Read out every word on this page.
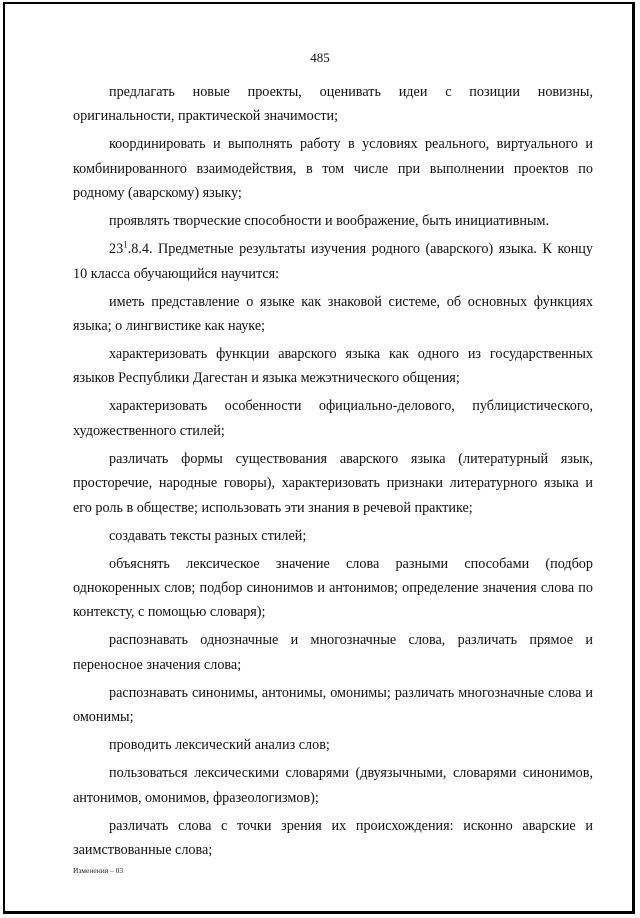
485

предлагать новые проекты, оценивать идеи с позиции новизны, оригинальности, практической значимости;

координировать и выполнять работу в условиях реального, виртуального и комбинированного взаимодействия, в том числе при выполнении проектов по родному (аварскому) языку;

проявлять творческие способности и воображение, быть инициативным.

$23^1.8.4$. Предметные результаты изучения родного (аварского) языка. К концу 10 класса обучающийся научится:

иметь представление о языке как знаковой системе, об основных функциях языка; о лингвистике как науке;

характеризовать функции аварского языка как одного из государственных языков Республики Дагестан и языка межэтнического общения;

характеризовать особенности официально-делового, публицистического, художественного стилей;

различать формы существования аварского языка (литературный язык, просторечие, народные говоры), характеризовать признаки литературного языка и его роль в обществе; использовать эти знания в речевой практике;

создавать тексты разных стилей;

объяснять лексическое значение слова разными способами (подбор однокоренных слов; подбор синонимов и антонимов; определение значения слова по контексту, с помощью словаря);

распознавать однозначные и многозначные слова, различать прямое и переносное значения слова;

распознавать синонимы, антонимы, омонимы; различать многозначные слова и омонимы;

проводить лексический анализ слов;

пользоваться лексическими словарями (двуязычными, словарями синонимов, антонимов, омонимов, фразеологизмов);

различать слова с точки зрения их происхождения: исконно аварские и заимствованные слова;

Изменения – 03
